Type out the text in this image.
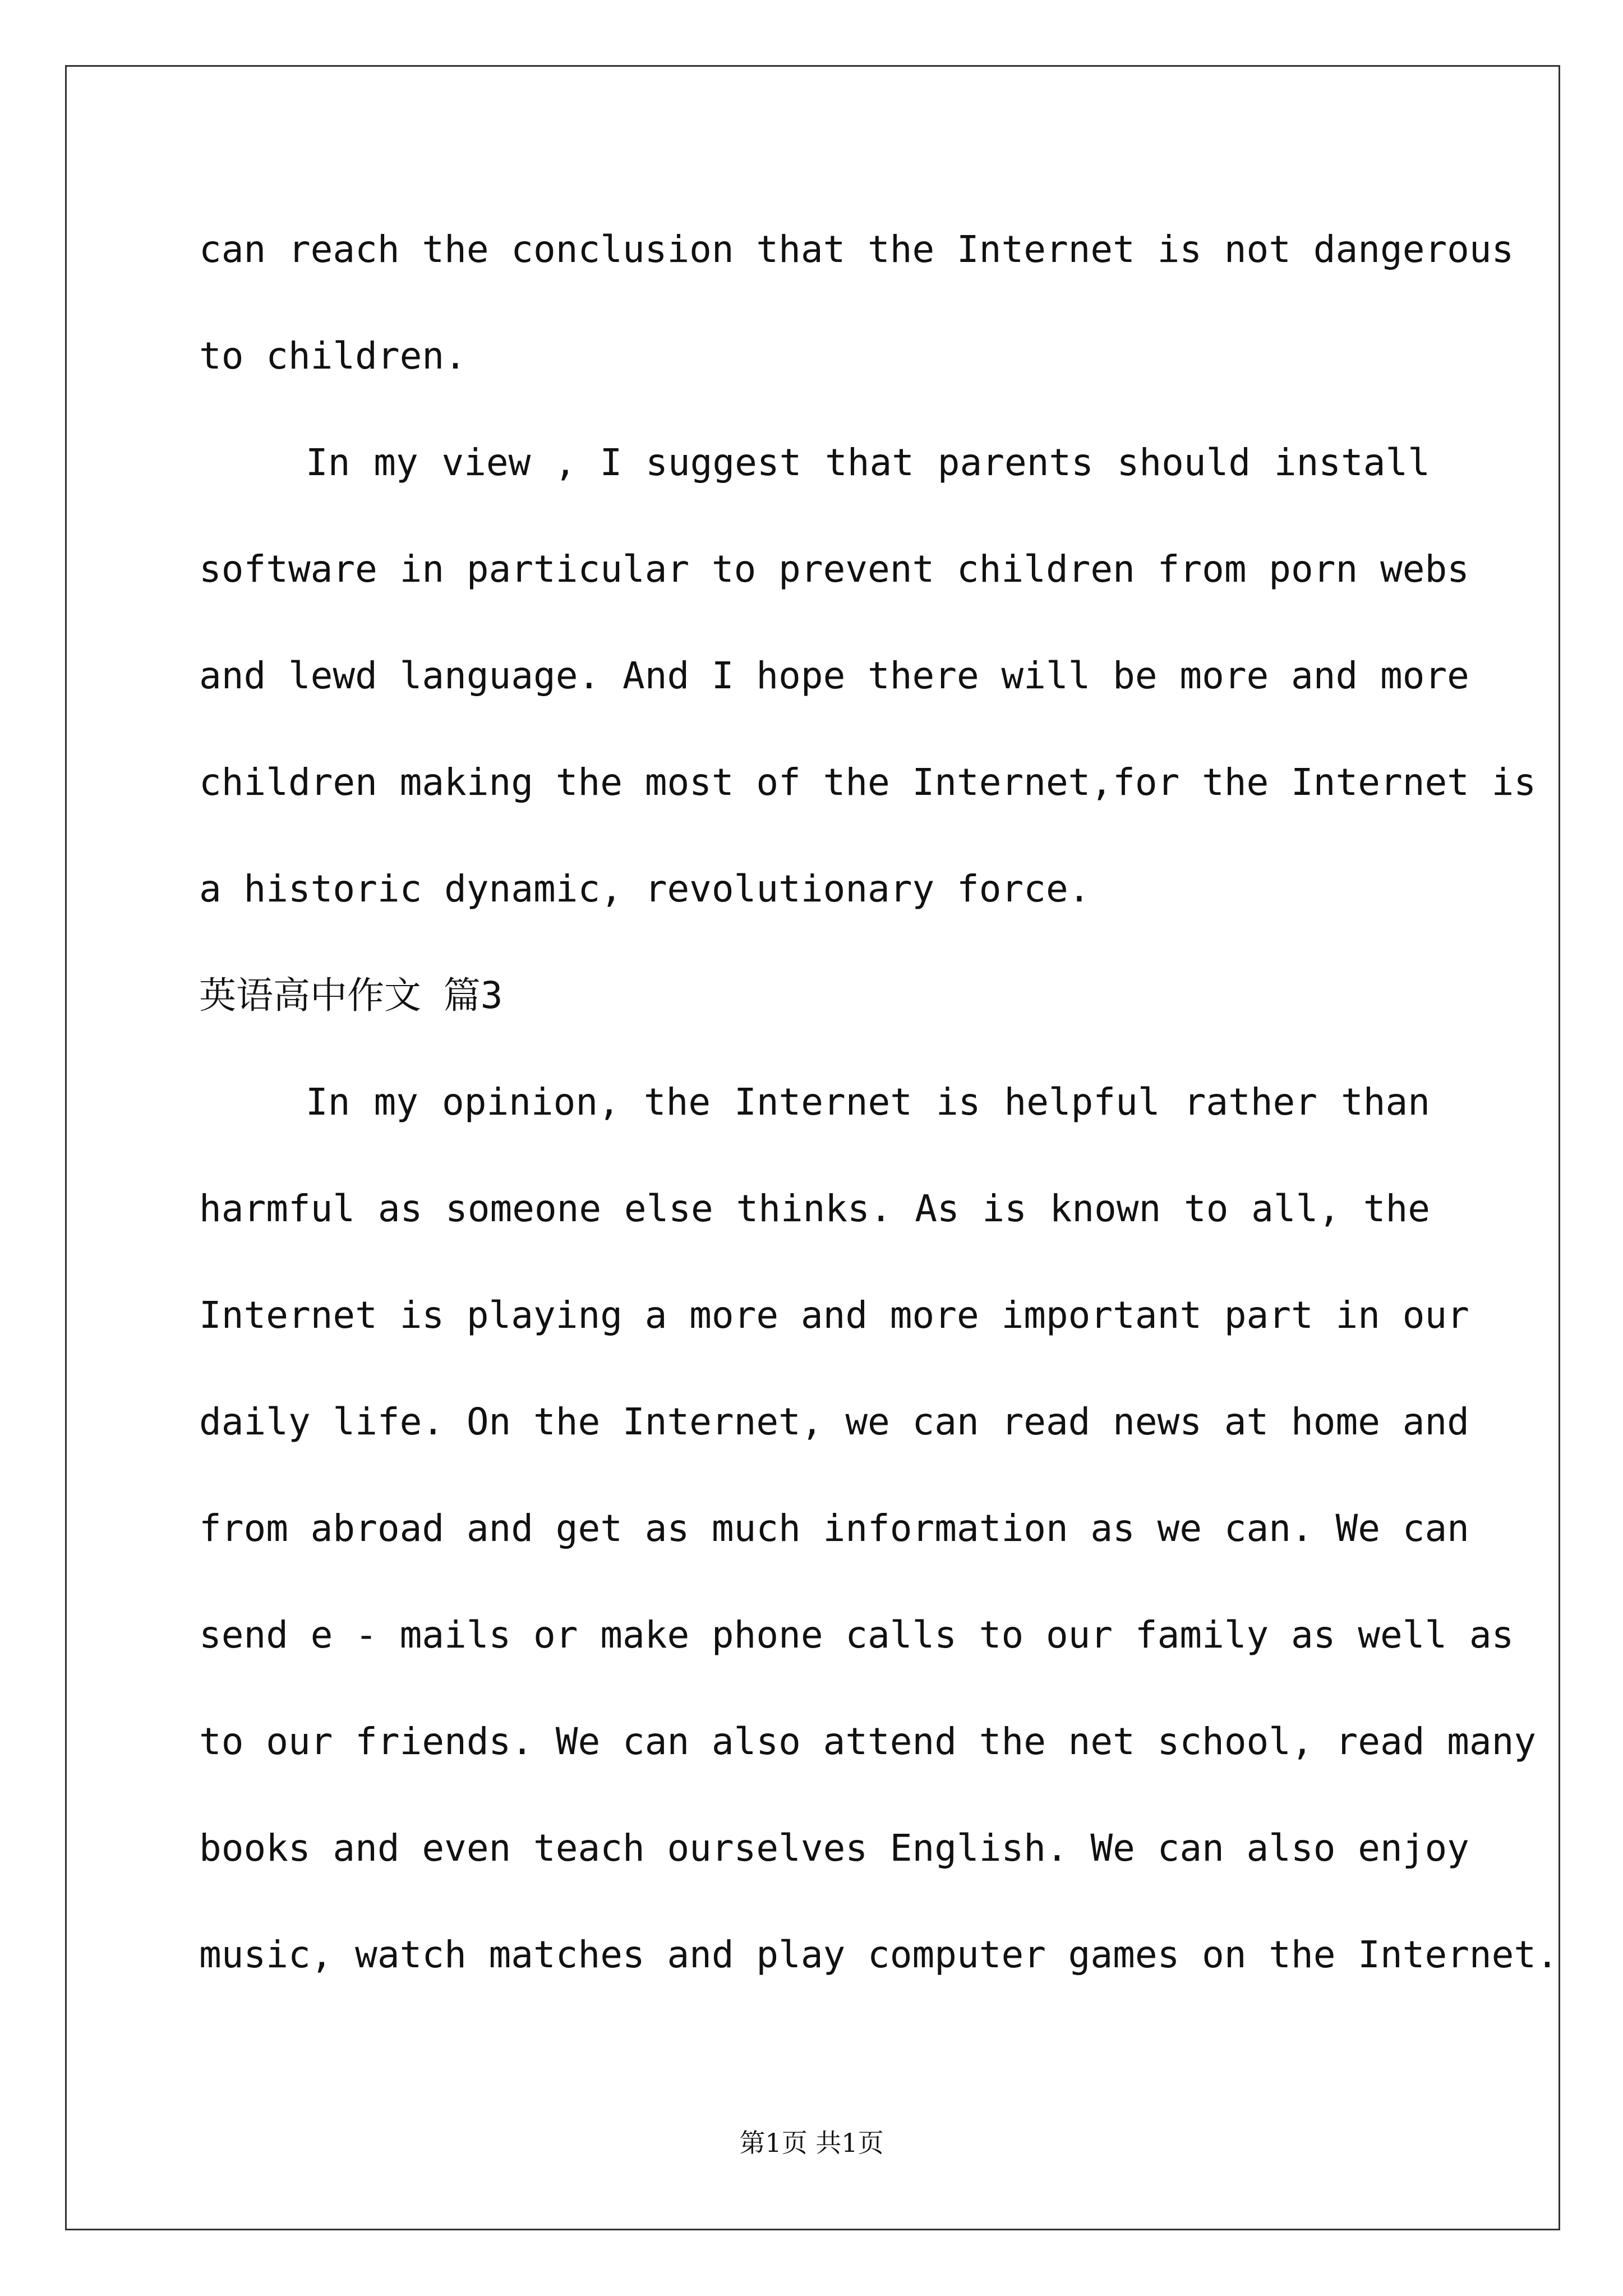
can reach the conclusion that the Internet is not dangerous
to children.
In my view , I suggest that parents should install
software in particular to prevent children from porn webs
and lewd language. And I hope there will be more and more
children making the most of the Internet,for the Internet is
a historic dynamic, revolutionary force.
英语高中作文 篇3
In my opinion, the Internet is helpful rather than
harmful as someone else thinks. As is known to all, the
Internet is playing a more and more important part in our
daily life. On the Internet, we can read news at home and
from abroad and get as much information as we can. We can
send e - mails or make phone calls to our family as well as
to our friends. We can also attend the net school, read many
books and even teach ourselves English. We can also enjoy
music, watch matches and play computer games on the Internet.
第1页 共1页
